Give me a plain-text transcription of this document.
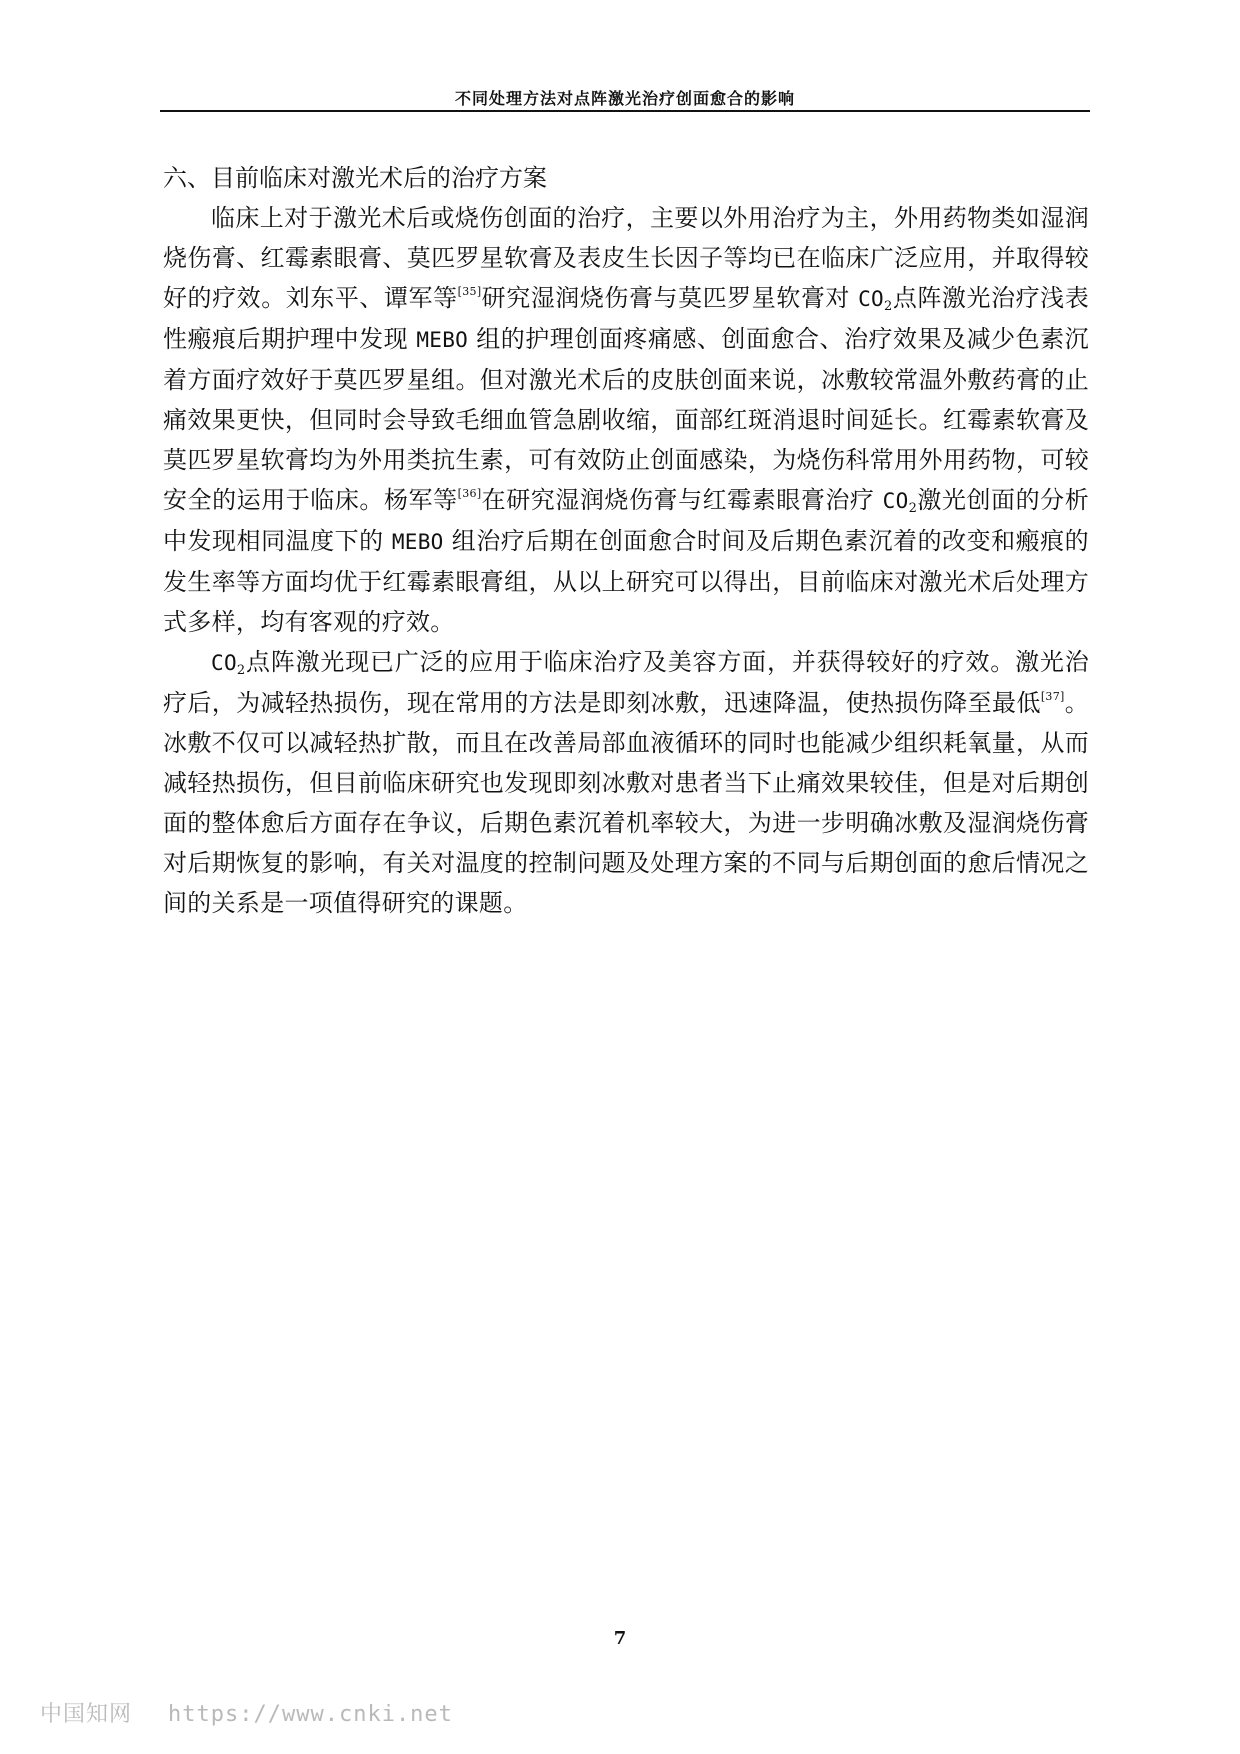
不同处理方法对点阵激光治疗创面愈合的影响
六、目前临床对激光术后的治疗方案

临床上对于激光术后或烧伤创面的治疗，主要以外用治疗为主，外用药物类如湿润烧伤膏、红霉素眼膏、莫匹罗星软膏及表皮生长因子等均已在临床广泛应用，并取得较好的疗效。刘东平、谭军等[35]研究湿润烧伤膏与莫匹罗星软膏对 $CO_2$点阵激光治疗浅表性瘢痕后期护理中发现 MEBO 组的护理创面疼痛感、创面愈合、治疗效果及减少色素沉着方面疗效好于莫匹罗星组。但对激光术后的皮肤创面来说，冰敷较常温外敷药膏的止痛效果更快，但同时会导致毛细血管急剧收缩，面部红斑消退时间延长。红霉素软膏及莫匹罗星软膏均为外用类抗生素，可有效防止创面感染，为烧伤科常用外用药物，可较安全的运用于临床。杨军等[36]在研究湿润烧伤膏与红霉素眼膏治疗 $CO_2$激光创面的分析中发现相同温度下的 MEBO 组治疗后期在创面愈合时间及后期色素沉着的改变和瘢痕的发生率等方面均优于红霉素眼膏组，从以上研究可以得出，目前临床对激光术后处理方式多样，均有客观的疗效。

$CO_2$点阵激光现已广泛的应用于临床治疗及美容方面，并获得较好的疗效。激光治疗后，为减轻热损伤，现在常用的方法是即刻冰敷，迅速降温，使热损伤降至最低[37]。冰敷不仅可以减轻热扩散，而且在改善局部血液循环的同时也能减少组织耗氧量，从而减轻热损伤，但目前临床研究也发现即刻冰敷对患者当下止痛效果较佳，但是对后期创面的整体愈后方面存在争议，后期色素沉着机率较大，为进一步明确冰敷及湿润烧伤膏对后期恢复的影响，有关对温度的控制问题及处理方案的不同与后期创面的愈后情况之间的关系是一项值得研究的课题。

7
中国知网 https://www.cnki.net
